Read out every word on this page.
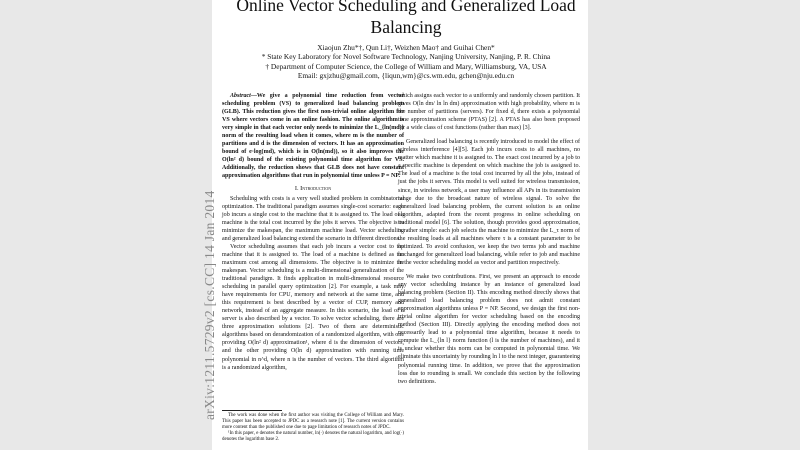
arXiv:1211.5729v2 [cs.CC] 14 Jan 2014
Online Vector Scheduling and Generalized Load Balancing
Xiaojun Zhu*†, Qun Li†, Weizhen Mao† and Guihai Chen*
* State Key Laboratory for Novel Software Technology, Nanjing University, Nanjing, P. R. China
† Department of Computer Science, the College of William and Mary, Williamsburg, VA, USA
Email: gxjzhu@gmail.com, {liqun,wm}@cs.wm.edu, gchen@nju.edu.cn

Abstract—We give a polynomial time reduction from vector scheduling problem (VS) to generalized load balancing problem (GLB). This reduction gives the first non-trivial online algorithm for VS where vectors come in an online fashion. The online algorithm is very simple in that each vector only needs to minimize the L_{ln(md)} norm of the resulting load when it comes, where m is the number of partitions and d is the dimension of vectors. It has an approximation bound of e·log(md), which is in O(ln(md)), so it also improves the O(ln² d) bound of the existing polynomial time algorithm for VS. Additionally, the reduction shows that GLB does not have constant approximation algorithms that run in polynomial time unless P = NP.

I. Introduction

Scheduling with costs is a very well studied problem in combinatorial optimization. The traditional paradigm assumes single-cost scenario: each job incurs a single cost to the machine that it is assigned to. The load of a machine is the total cost incurred by the jobs it serves. The objective is to minimize the makespan, the maximum machine load. Vector scheduling and generalized load balancing extend the scenario in different directions.

Vector scheduling assumes that each job incurs a vector cost to the machine that it is assigned to. The load of a machine is defined as the maximum cost among all dimensions. The objective is to minimize the makespan. Vector scheduling is a multi-dimensional generalization of the traditional paradigm. It finds application in multi-dimensional resource scheduling in parallel query optimization [2]. For example, a task may have requirements for CPU, memory and network at the same time, and this requirement is best described by a vector of CUP, memory and network, instead of an aggregate measure. In this scenario, the load of a server is also described by a vector. To solve vector scheduling, there are three approximation solutions [2]. Two of them are deterministic algorithms based on derandomization of a randomized algorithm, with one providing O(ln² d) approximation¹, where d is the dimension of vectors, and the other providing O(ln d) approximation with running time polynomial in n^d, where n is the number of vectors. The third algorithm is a randomized algorithm,

which assigns each vector to a uniformly and randomly chosen partition. It gives O(ln dm/ ln ln dm) approximation with high probability, where m is the number of partitions (servers). For fixed d, there exists a polynomial time approximation scheme (PTAS) [2]. A PTAS has also been proposed for a wide class of cost functions (rather than max) [3].

Generalized load balancing is recently introduced to model the effect of wireless interference [4][5]. Each job incurs costs to all machines, no matter which machine it is assigned to. The exact cost incurred by a job to a specific machine is dependent on which machine the job is assigned to. The load of a machine is the total cost incurred by all the jobs, instead of just the jobs it serves. This model is well suited for wireless transmission, since, in wireless network, a user may influence all APs in its transmission range due to the broadcast nature of wireless signal. To solve the generalized load balancing problem, the current solution is an online algorithm, adapted from the recent progress in online scheduling on traditional model [6]. The solution, though provides good approximation, is rather simple: each job selects the machine to minimize the L_τ norm of the resulting loads at all machines where τ is a constant parameter to be optimized. To avoid confusion, we keep the two terms job and machine unchanged for generalized load balancing, while refer to job and machine in the vector scheduling model as vector and partition respectively.

We make two contributions. First, we present an approach to encode any vector scheduling instance by an instance of generalized load balancing problem (Section II). This encoding method directly shows that generalized load balancing problem does not admit constant approximation algorithms unless P = NP. Second, we design the first non-trivial online algorithm for vector scheduling based on the encoding method (Section III). Directly applying the encoding method does not necessarily lead to a polynomial time algorithm, because it needs to compute the L_{ln l} norm function (l is the number of machines), and it is unclear whether this norm can be computed in polynomial time. We eliminate this uncertainty by rounding ln l to the next integer, guaranteeing polynomial running time. In addition, we prove that the approximation loss due to rounding is small. We conclude this section by the following two definitions.

The work was done when the first author was visiting the College of William and Mary. This paper has been accepted to JPDC as a research note [1]. The current version contains more content than the published one due to page limitation of research notes of JPDC.

¹In this paper, e denotes the natural number, ln(·) denotes the natural logarithm, and log(·) denotes the logarithm base 2.
